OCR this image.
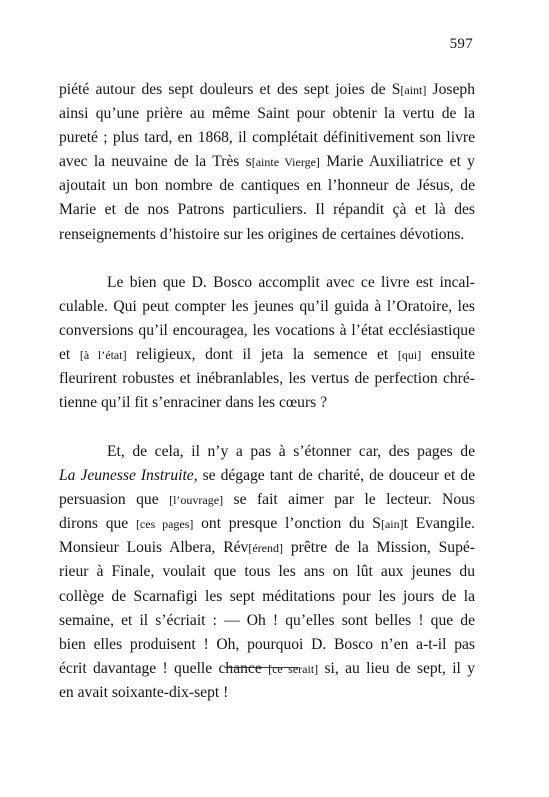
597
piété autour des sept douleurs et des sept joies de S[aint] Joseph
ainsi qu’une prière au même Saint pour obtenir la vertu de la
pureté ; plus tard, en 1868, il complétait définitivement son livre
avec la neuvaine de la Très s[ainte Vierge] Marie Auxiliatrice et y
ajoutait un bon nombre de cantiques en l’honneur de Jésus, de
Marie et de nos Patrons particuliers. Il répandit çà et là des
renseignements d’histoire sur les origines de certaines dévotions.
Le bien que D. Bosco accomplit avec ce livre est incal-
culable. Qui peut compter les jeunes qu’il guida à l’Oratoire, les
conversions qu’il encouragea, les vocations à l’état ecclésiastique
et [à l’état] religieux, dont il jeta la semence et [qui] ensuite
fleurirent robustes et inébranlables, les vertus de perfection chré-
tienne qu’il fit s’enraciner dans les cœurs ?
Et, de cela, il n’y a pas à s’étonner car, des pages de
La Jeunesse Instruite, se dégage tant de charité, de douceur et de
persuasion que [l’ouvrage] se fait aimer par le lecteur. Nous
dirons que [ces pages] ont presque l’onction du S[ain]t Evangile.
Monsieur Louis Albera, Rév[érend] prêtre de la Mission, Supé-
rieur à Finale, voulait que tous les ans on lût aux jeunes du
collège de Scarnafigi les sept méditations pour les jours de la
semaine, et il s’écriait : — Oh ! qu’elles sont belles ! que de
bien elles produisent ! Oh, pourquoi D. Bosco n’en a-t-il pas
écrit davantage ! quelle chance [ce serait] si, au lieu de sept, il y
en avait soixante-dix-sept !
